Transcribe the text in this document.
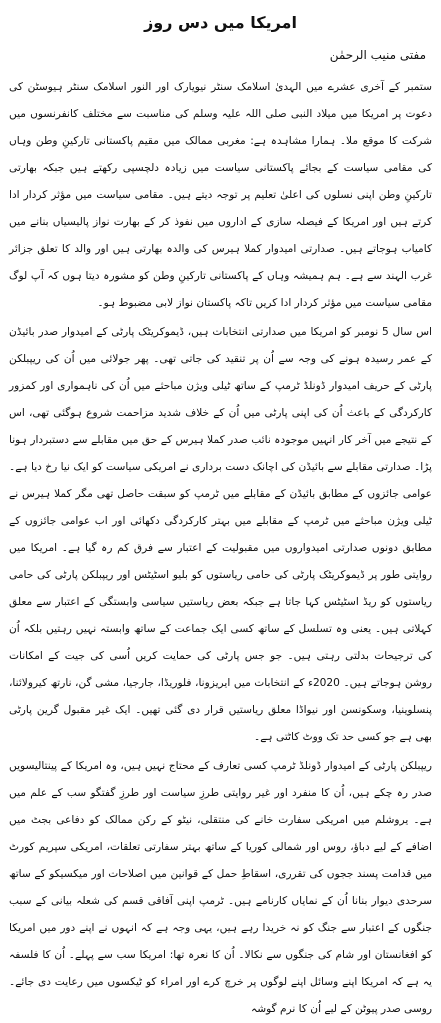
امریکا میں دس روز
مفتی منیب الرحمٰن

ستمبر کے آخری عشرے میں الہدیٰ اسلامک سنٹر نیویارک اور النور اسلامک سنٹر ہیوسٹن کی دعوت پر امریکا میں میلاد النبی صلی اللہ علیہ وسلم کی مناسبت سے مختلف کانفرنسوں میں شرکت کا موقع ملا۔ ہمارا مشاہدہ ہے: مغربی ممالک میں مقیم پاکستانی تارکینِ وطن وہاں کی مقامی سیاست کے بجائے پاکستانی سیاست میں زیادہ دلچسپی رکھتے ہیں جبکہ بھارتی تارکینِ وطن اپنی نسلوں کی اعلیٰ تعلیم پر توجہ دیتے ہیں۔ مقامی سیاست میں مؤثر کردار ادا کرتے ہیں اور امریکا کے فیصلہ سازی کے اداروں میں نفوذ کر کے بھارت نواز پالیسیاں بنانے میں کامیاب ہوجاتے ہیں۔ صدارتی امیدوار کملا ہیرس کی والدہ بھارتی ہیں اور والد کا تعلق جزائر غرب الہند سے ہے۔ ہم ہمیشہ وہاں کے پاکستانی تارکینِ وطن کو مشورہ دیتا ہوں کہ آپ لوگ مقامی سیاست میں مؤثر کردار ادا کریں تاکہ پاکستان نواز لابی مضبوط ہو۔

اس سال 5 نومبر کو امریکا میں صدارتی انتخابات ہیں، ڈیموکریٹک پارٹی کے امیدوار صدر بائیڈن کے عمر رسیدہ ہونے کی وجہ سے اُن پر تنقید کی جاتی تھی۔ پھر جولائی میں اُن کی ریپبلکن پارٹی کے حریف امیدوار ڈونلڈ ٹرمپ کے ساتھ ٹیلی ویژن مباحثے میں اُن کی ناہمواری اور کمزور کارکردگی کے باعث اُن کی اپنی پارٹی میں اُن کے خلاف شدید مزاحمت شروع ہوگئی تھی، اس کے نتیجے میں آخر کار انہیں موجودہ نائب صدر کملا ہیرس کے حق میں مقابلے سے دستبردار ہونا پڑا۔ صدارتی مقابلے سے بائیڈن کی اچانک دست برداری نے امریکی سیاست کو ایک نیا رخ دیا ہے۔ عوامی جائزوں کے مطابق بائیڈن کے مقابلے میں ٹرمپ کو سبقت حاصل تھی مگر کملا ہیرس نے ٹیلی ویژن مباحثے میں ٹرمپ کے مقابلے میں بہتر کارکردگی دکھائی اور اب عوامی جائزوں کے مطابق دونوں صدارتی امیدواروں میں مقبولیت کے اعتبار سے فرق کم رہ گیا ہے۔ امریکا میں روایتی طور پر ڈیموکریٹک پارٹی کی حامی ریاستوں کو بلیو اسٹیٹس اور ریپبلکن پارٹی کی حامی ریاستوں کو ریڈ اسٹیٹس کہا جاتا ہے جبکہ بعض ریاستیں سیاسی وابستگی کے اعتبار سے معلق کہلاتی ہیں۔ یعنی وہ تسلسل کے ساتھ کسی ایک جماعت کے ساتھ وابستہ نہیں رہتیں بلکہ اُن کی ترجیحات بدلتی رہتی ہیں۔ جو جس پارٹی کی حمایت کریں اُسی کی جیت کے امکانات روشن ہوجاتے ہیں۔ 2020ء کے انتخابات میں ایریزونا، فلوریڈا، جارجیا، مشی گن، نارتھ کیرولائنا، پنسلوینیا، وسکونسن اور نیواڈا معلق ریاستیں قرار دی گئی تھیں۔ ایک غیر مقبول گرین پارٹی بھی ہے جو کسی حد تک ووٹ کاٹتی ہے۔

ریپبلکن پارٹی کے امیدوار ڈونلڈ ٹرمپ کسی تعارف کے محتاج نہیں ہیں، وہ امریکا کے پینتالیسویں صدر رہ چکے ہیں، اُن کا منفرد اور غیر روایتی طرزِ سیاست اور طرزِ گفتگو سب کے علم میں ہے۔ یروشلم میں امریکی سفارت خانے کی منتقلی، نیٹو کے رکن ممالک کو دفاعی بجٹ میں اضافے کے لیے دباؤ، روس اور شمالی کوریا کے ساتھ بہتر سفارتی تعلقات، امریکی سپریم کورٹ میں قدامت پسند ججوں کی تقرری، اسقاطِ حمل کے قوانین میں اصلاحات اور میکسیکو کے ساتھ سرحدی دیوار بنانا اُن کے نمایاں کارنامے ہیں۔ ٹرمپ اپنی آفاقی قسم کی شعلہ بیانی کے سبب جنگوں کے اعتبار سے جنگ کو نہ خریدا رہے ہیں، یہی وجہ ہے کہ انہوں نے اپنے دور میں امریکا کو افغانستان اور شام کی جنگوں سے نکالا۔ اُن کا نعرہ تھا: امریکا سب سے پہلے۔ اُن کا فلسفہ یہ ہے کہ امریکا اپنے وسائل اپنے لوگوں پر خرچ کرے اور امراء کو ٹیکسوں میں رعایت دی جائے۔ روسی صدر پیوٹن کے لیے اُن کا نرم گوشہ
